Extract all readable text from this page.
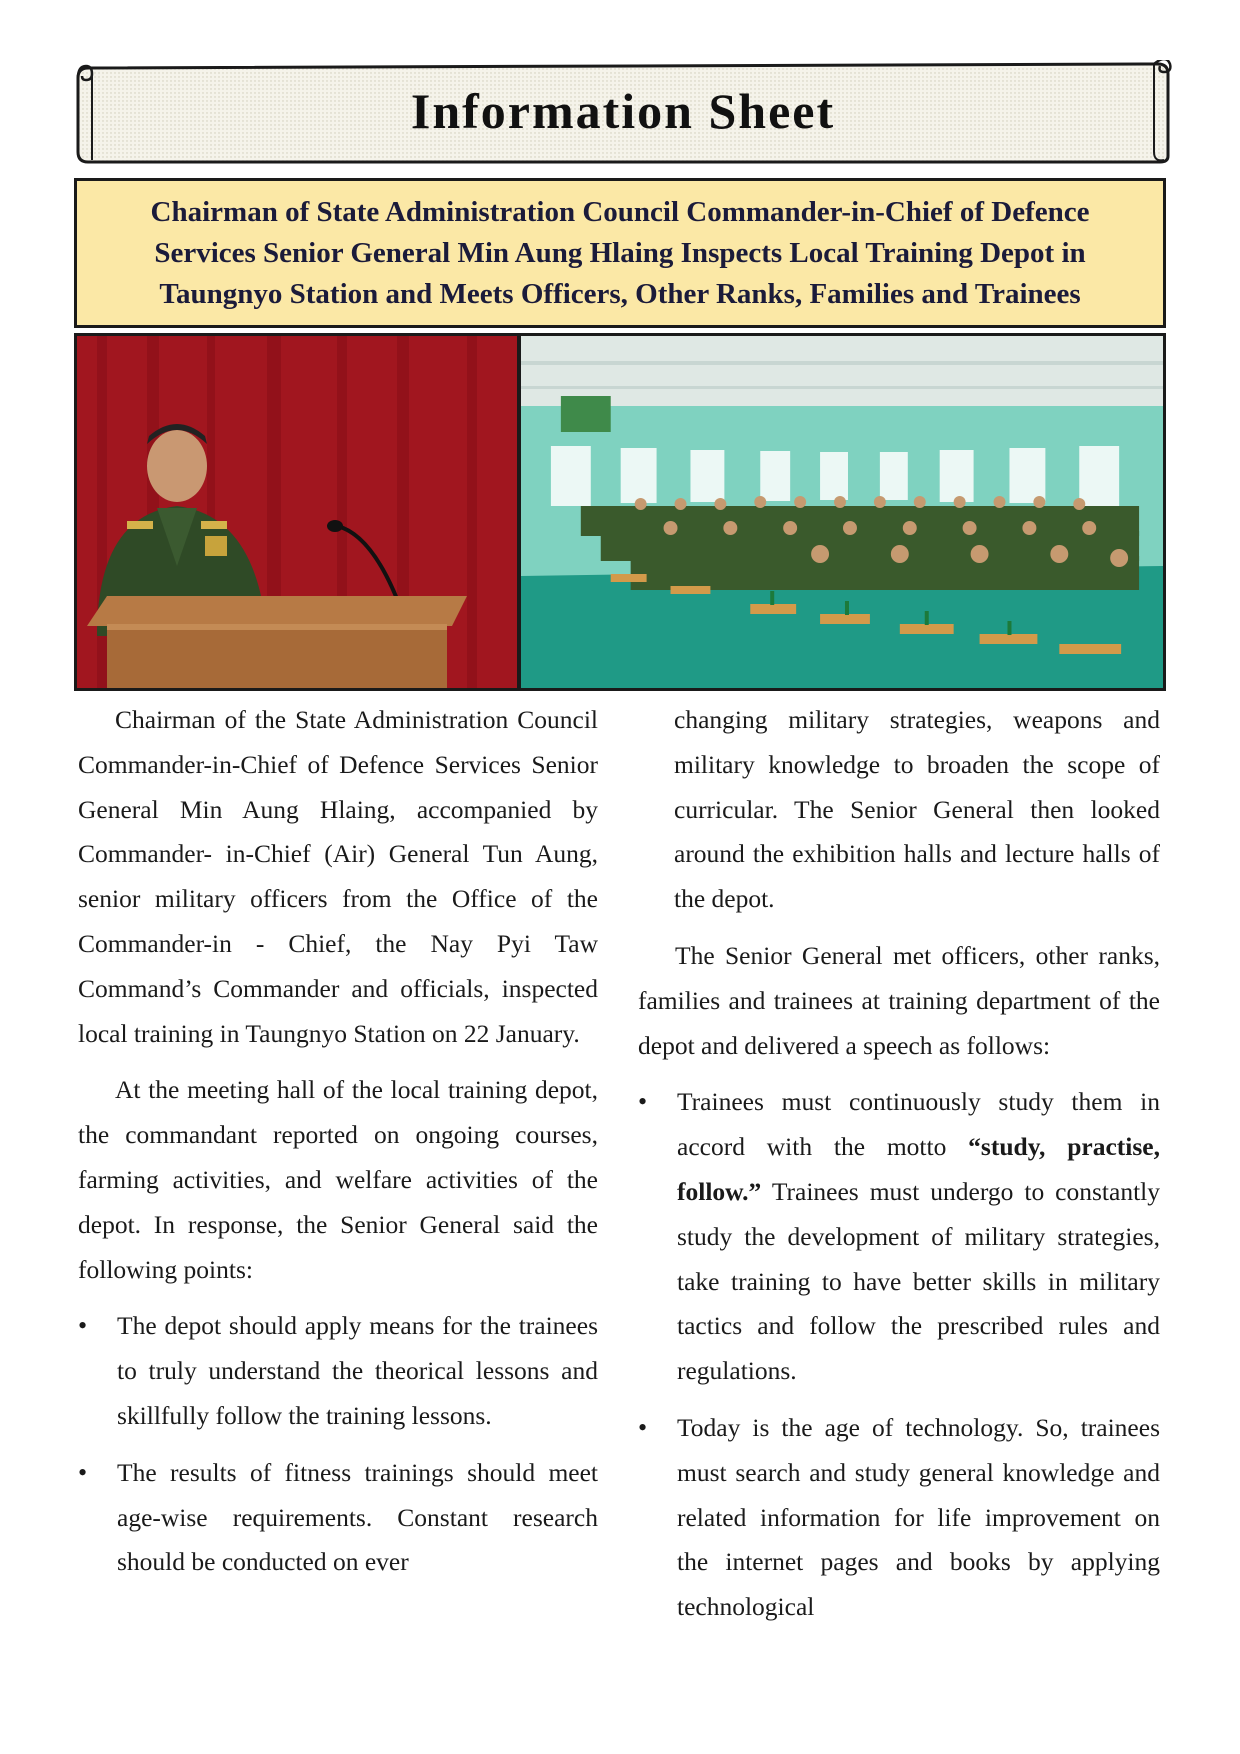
Information Sheet
Chairman of State Administration Council Commander-in-Chief of Defence Services Senior General Min Aung Hlaing Inspects Local Training Depot in Taungnyo Station and Meets Officers, Other Ranks, Families and Trainees

Chairman of the State Administration Council Commander-in-Chief of Defence Services Senior General Min Aung Hlaing, accompanied by Commander- in-Chief (Air) General Tun Aung, senior military officers from the Office of the Commander-in - Chief, the Nay Pyi Taw Command’s Commander and officials, inspected local training in Taungnyo Station on 22 January.

At the meeting hall of the local training depot, the commandant reported on ongoing courses, farming activities, and welfare activities of the depot. In response, the Senior General said the following points:

• The depot should apply means for the trainees to truly understand the theorical lessons and skillfully follow the training lessons.
• The results of fitness trainings should meet age-wise requirements. Constant research should be conducted on ever

changing military strategies, weapons and military knowledge to broaden the scope of curricular. The Senior General then looked around the exhibition halls and lecture halls of the depot.

The Senior General met officers, other ranks, families and trainees at training department of the depot and delivered a speech as follows:

• Trainees must continuously study them in accord with the motto “study, practise, follow.” Trainees must undergo to constantly study the development of military strategies, take training to have better skills in military tactics and follow the prescribed rules and regulations.
• Today is the age of technology. So, trainees must search and study general knowledge and related information for life improvement on the internet pages and books by applying technological
